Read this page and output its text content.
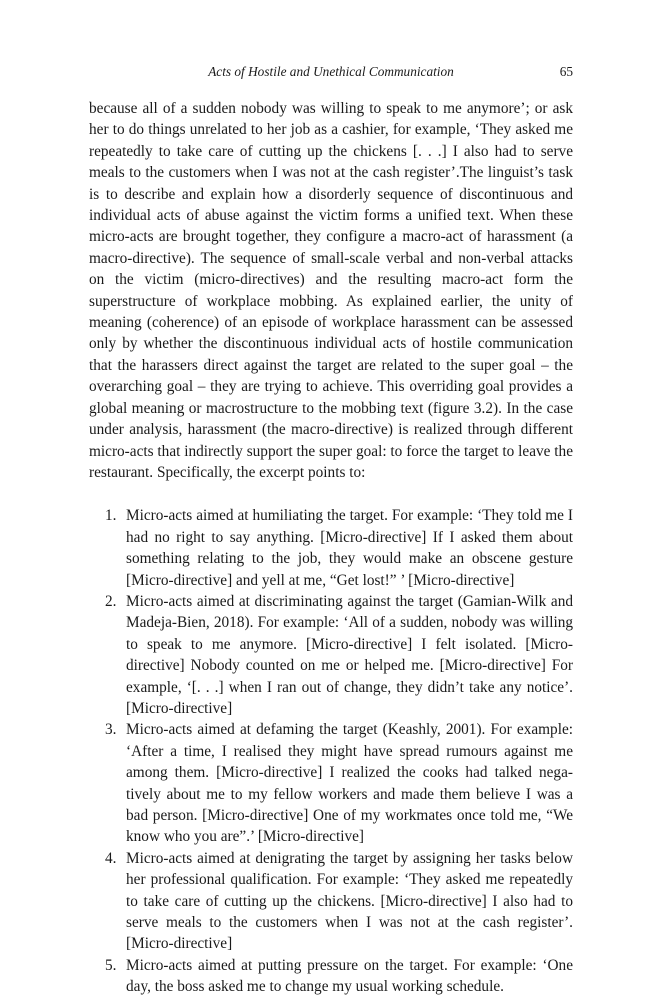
Acts of Hostile and Unethical Communication	65

because all of a sudden nobody was willing to speak to me anymore’; or ask her to do things unrelated to her job as a cashier, for example, ‘They asked me repeatedly to take care of cutting up the chickens [. . .] I also had to serve meals to the customers when I was not at the cash register’.The linguist’s task is to describe and explain how a disorderly sequence of discontinuous and individual acts of abuse against the victim forms a unified text. When these micro-acts are brought together, they configure a macro-act of harassment (a macro-directive). The sequence of small-scale verbal and non-verbal attacks on the victim (micro-directives) and the resulting macro-act form the superstructure of workplace mobbing. As explained earlier, the unity of meaning (coherence) of an episode of workplace harassment can be assessed only by whether the discontinuous individual acts of hostile communication that the harassers direct against the target are related to the super goal – the overarching goal – they are trying to achieve. This overriding goal provides a global meaning or macrostructure to the mobbing text (figure 3.2). In the case under analysis, harassment (the macro-directive) is realized through different micro-acts that indirectly support the super goal: to force the target to leave the restaurant. Specifically, the excerpt points to:

1. Micro-acts aimed at humiliating the target. For example: ‘They told me I had no right to say anything. [Micro-directive] If I asked them about something relating to the job, they would make an obscene gesture [Micro-directive] and yell at me, “Get lost!” ’ [Micro-directive]
2. Micro-acts aimed at discriminating against the target (Gamian-Wilk and Madeja-Bien, 2018). For example: ‘All of a sudden, nobody was willing to speak to me anymore. [Micro-directive] I felt isolated. [Micro-directive] Nobody counted on me or helped me. [Micro-directive] For example, ‘[. . .] when I ran out of change, they didn’t take any notice’. [Micro-directive]
3. Micro-acts aimed at defaming the target (Keashly, 2001). For example: ‘After a time, I realised they might have spread rumours against me among them. [Micro-directive] I realized the cooks had talked negatively about me to my fellow workers and made them believe I was a bad person. [Micro-directive] One of my workmates once told me, “We know who you are”.’ [Micro-directive]
4. Micro-acts aimed at denigrating the target by assigning her tasks below her professional qualification. For example: ‘They asked me repeatedly to take care of cutting up the chickens. [Micro-directive] I also had to serve meals to the customers when I was not at the cash register’. [Micro-directive]
5. Micro-acts aimed at putting pressure on the target. For example: ‘One day, the boss asked me to change my usual working schedule.
